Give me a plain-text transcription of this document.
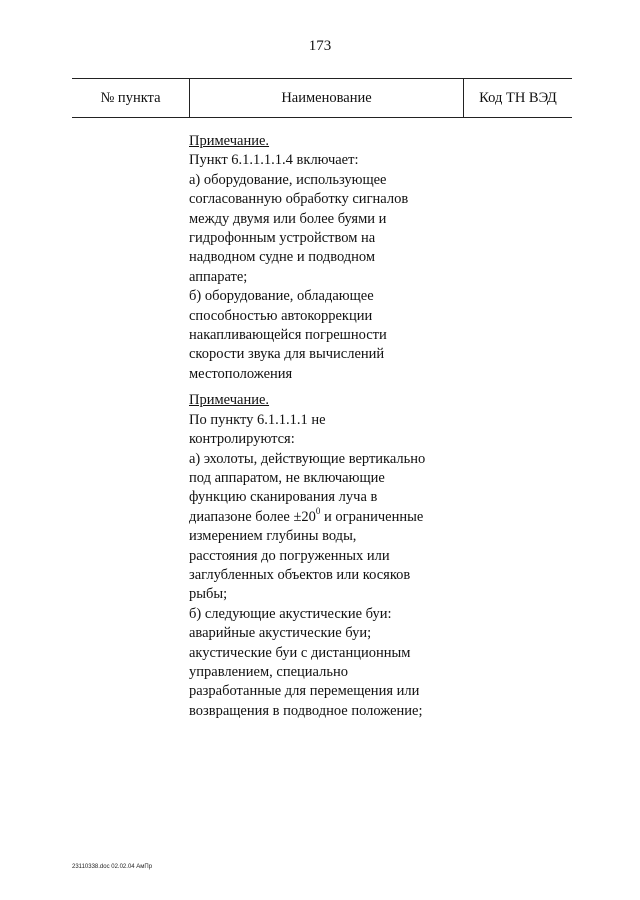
173
№ пункта	Наименование	Код ТН ВЭД
Примечание.
Пункт 6.1.1.1.1.4 включает:
а) оборудование, использующее
согласованную обработку сигналов
между двумя или более буями и
гидрофонным устройством на
надводном судне и подводном
аппарате;
б) оборудование, обладающее
способностью автокоррекции
накапливающейся погрешности
скорости звука для вычислений
местоположения
Примечание.
По пункту 6.1.1.1.1 не
контролируются:
а) эхолоты, действующие вертикально
под аппаратом, не включающие
функцию сканирования луча в
диапазоне более $\pm 20^0$ и ограниченные
измерением глубины воды,
расстояния до погруженных или
заглубленных объектов или косяков
рыбы;
б) следующие акустические буи:
аварийные акустические буи;
акустические буи с дистанционным
управлением, специально
разработанные для перемещения или
возвращения в подводное положение;
23110338.doc 02.02.04 АмПр
